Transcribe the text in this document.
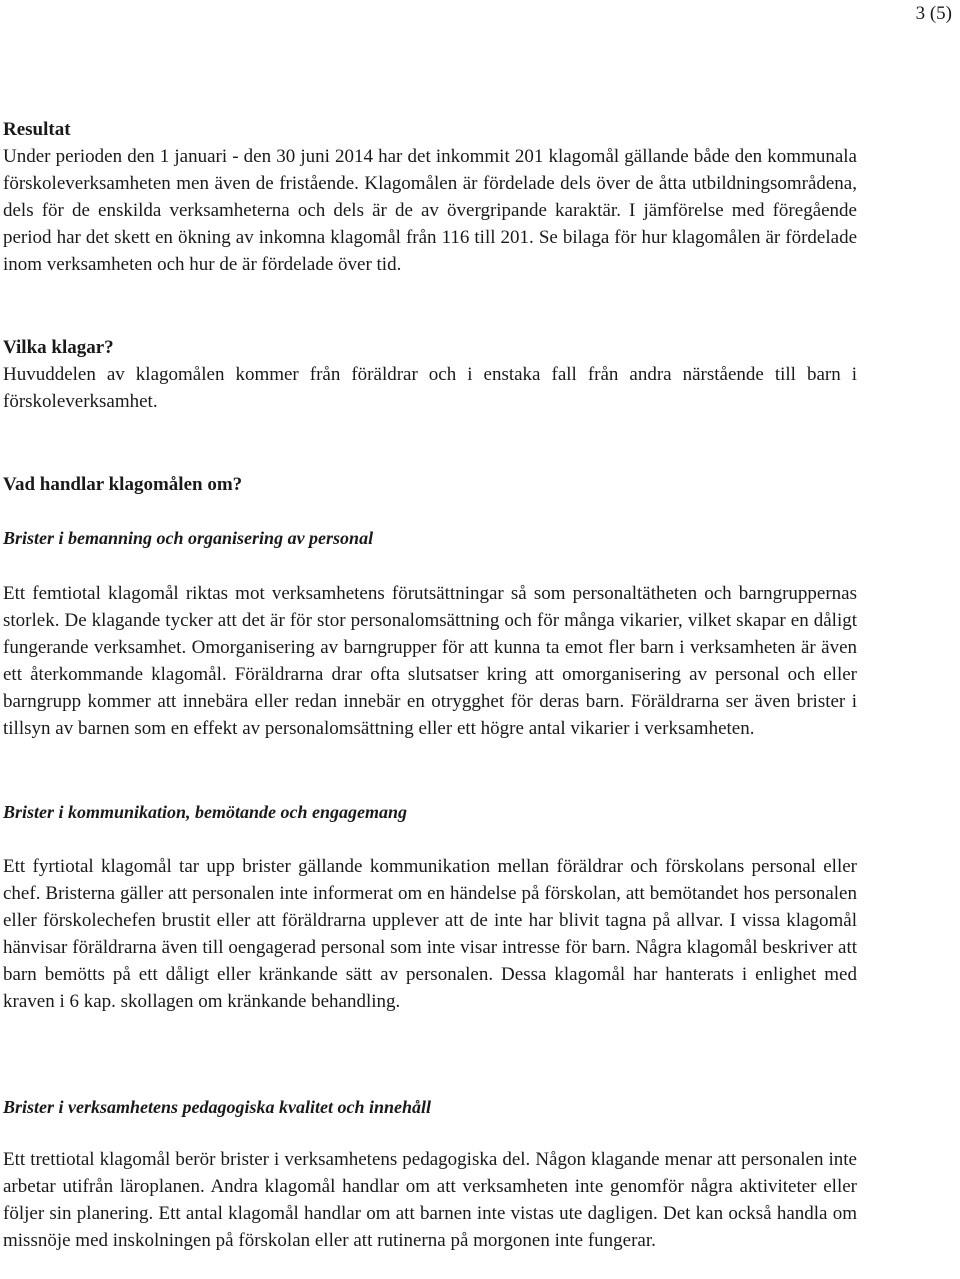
3 (5)
Resultat

Under perioden den 1 januari - den 30 juni 2014 har det inkommit 201 klagomål gällande både den kommunala förskoleverksamheten men även de fristående. Klagomålen är fördelade dels över de åtta utbildningsområdena, dels för de enskilda verksamheterna och dels är de av övergripande karaktär. I jämförelse med föregående period har det skett en ökning av inkomna klagomål från 116 till 201. Se bilaga för hur klagomålen är fördelade inom verksamheten och hur de är fördelade över tid.

Vilka klagar?

Huvuddelen av klagomålen kommer från föräldrar och i enstaka fall från andra närstående till barn i förskoleverksamhet.

Vad handlar klagomålen om?
Brister i bemanning och organisering av personal

Ett femtiotal klagomål riktas mot verksamhetens förutsättningar så som personaltätheten och barngruppernas storlek. De klagande tycker att det är för stor personalomsättning och för många vikarier, vilket skapar en dåligt fungerande verksamhet. Omorganisering av barngrupper för att kunna ta emot fler barn i verksamheten är även ett återkommande klagomål. Föräldrarna drar ofta slutsatser kring att omorganisering av personal och eller barngrupp kommer att innebära eller redan innebär en otrygghet för deras barn. Föräldrarna ser även brister i tillsyn av barnen som en effekt av personalomsättning eller ett högre antal vikarier i verksamheten.

Brister i kommunikation, bemötande och engagemang

Ett fyrtiotal klagomål tar upp brister gällande kommunikation mellan föräldrar och förskolans personal eller chef. Bristerna gäller att personalen inte informerat om en händelse på förskolan, att bemötandet hos personalen eller förskolechefen brustit eller att föräldrarna upplever att de inte har blivit tagna på allvar. I vissa klagomål hänvisar föräldrarna även till oengagerad personal som inte visar intresse för barn. Några klagomål beskriver att barn bemötts på ett dåligt eller kränkande sätt av personalen. Dessa klagomål har hanterats i enlighet med kraven i 6 kap. skollagen om kränkande behandling.

Brister i verksamhetens pedagogiska kvalitet och innehåll

Ett trettiotal klagomål berör brister i verksamhetens pedagogiska del. Någon klagande menar att personalen inte arbetar utifrån läroplanen. Andra klagomål handlar om att verksamheten inte genomför några aktiviteter eller följer sin planering. Ett antal klagomål handlar om att barnen inte vistas ute dagligen. Det kan också handla om missnöje med inskolningen på förskolan eller att rutinerna på morgonen inte fungerar.
